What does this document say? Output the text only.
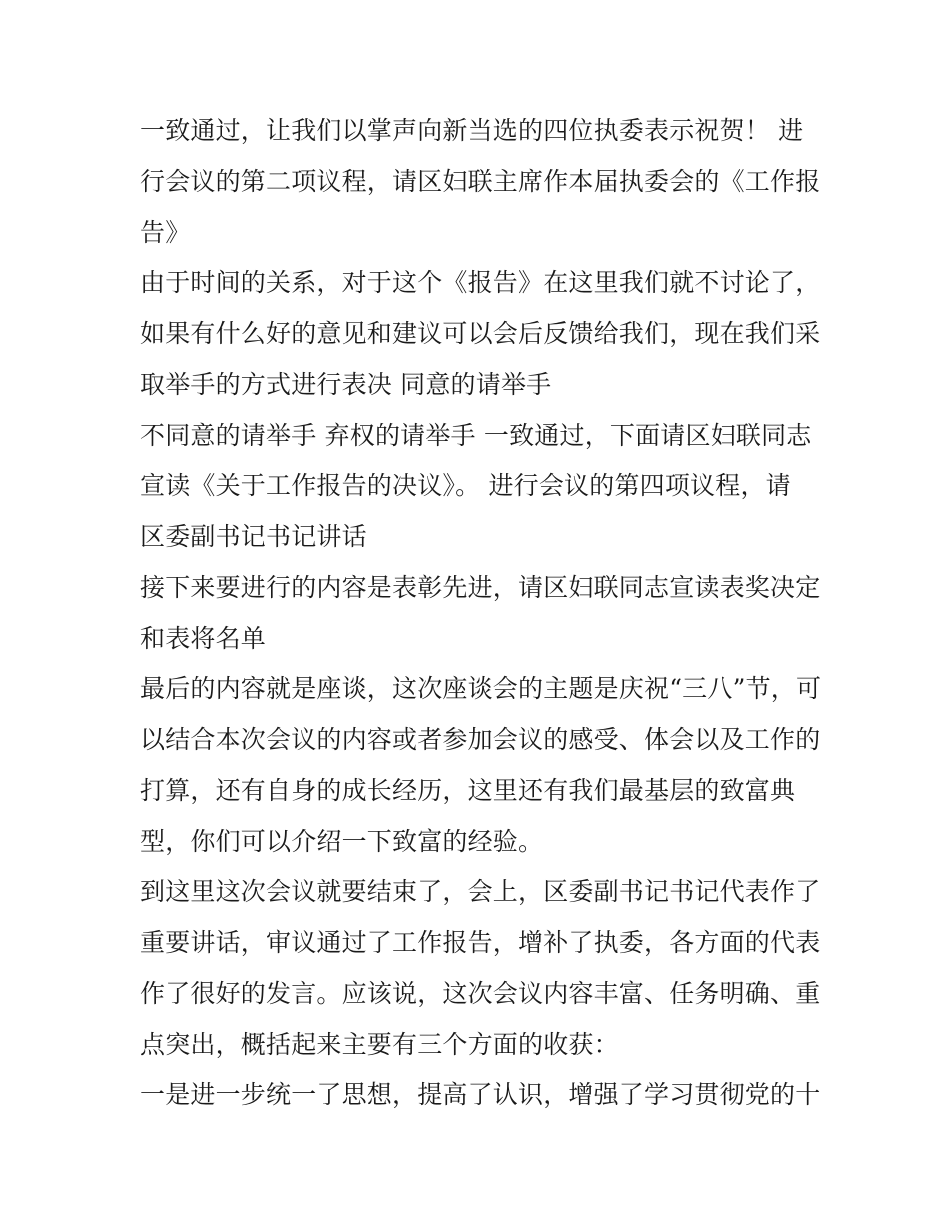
一致通过，让我们以掌声向新当选的四位执委表示祝贺！ 进
行会议的第二项议程，请区妇联主席作本届执委会的《工作报
告》
由于时间的关系，对于这个《报告》在这里我们就不讨论了，
如果有什么好的意见和建议可以会后反馈给我们，现在我们采
取举手的方式进行表决 同意的请举手
不同意的请举手 弃权的请举手 一致通过，下面请区妇联同志
宣读《关于工作报告的决议》。 进行会议的第四项议程，请
区委副书记书记讲话
接下来要进行的内容是表彰先进，请区妇联同志宣读表奖决定
和表将名单
最后的内容就是座谈，这次座谈会的主题是庆祝“三八”节，可
以结合本次会议的内容或者参加会议的感受、体会以及工作的
打算，还有自身的成长经历，这里还有我们最基层的致富典
型，你们可以介绍一下致富的经验。
到这里这次会议就要结束了，会上，区委副书记书记代表作了
重要讲话，审议通过了工作报告，增补了执委，各方面的代表
作了很好的发言。应该说，这次会议内容丰富、任务明确、重
点突出，概括起来主要有三个方面的收获：
一是进一步统一了思想，提高了认识，增强了学习贯彻党的十
